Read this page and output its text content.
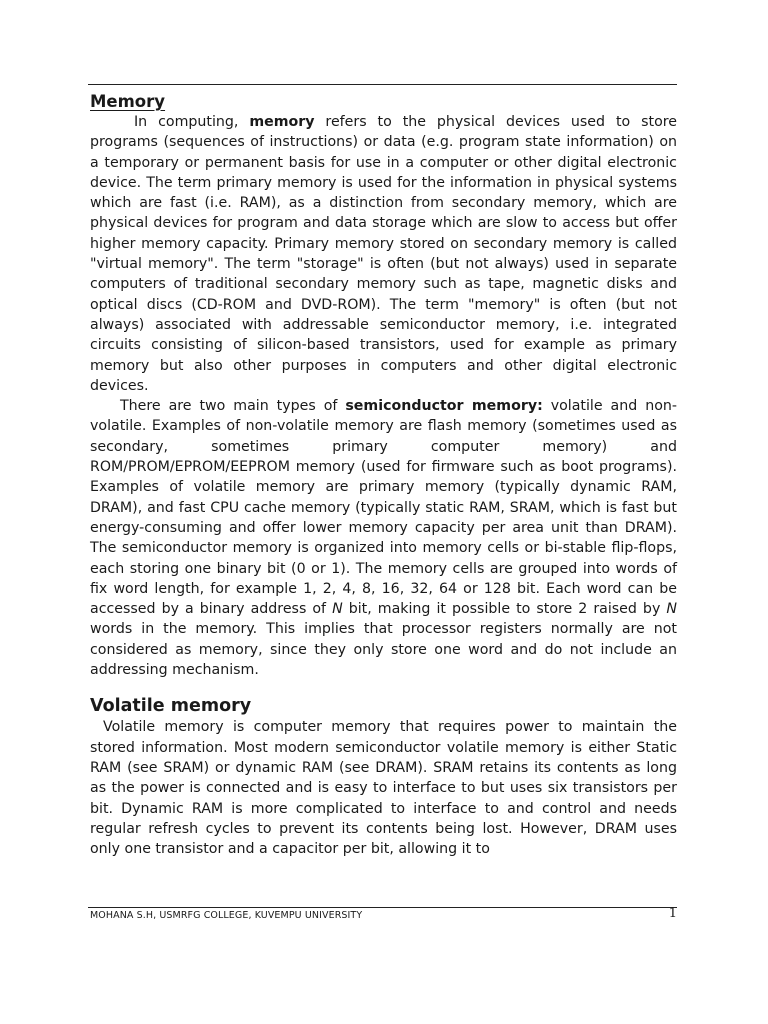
Memory

In computing, memory refers to the physical devices used to store programs (sequences of instructions) or data (e.g. program state information) on a temporary or permanent basis for use in a computer or other digital electronic device. The term primary memory is used for the information in physical systems which are fast (i.e. RAM), as a distinction from secondary memory, which are physical devices for program and data storage which are slow to access but offer higher memory capacity. Primary memory stored on secondary memory is called "virtual memory". The term "storage" is often (but not always) used in separate computers of traditional secondary memory such as tape, magnetic disks and optical discs (CD-ROM and DVD-ROM). The term "memory" is often (but not always) associated with addressable semiconductor memory, i.e. integrated circuits consisting of silicon-based transistors, used for example as primary memory but also other purposes in computers and other digital electronic devices.

There are two main types of semiconductor memory: volatile and non-volatile. Examples of non-volatile memory are flash memory (sometimes used as secondary, sometimes primary computer memory) and ROM/PROM/EPROM/EEPROM memory (used for firmware such as boot programs). Examples of volatile memory are primary memory (typically dynamic RAM, DRAM), and fast CPU cache memory (typically static RAM, SRAM, which is fast but energy-consuming and offer lower memory capacity per area unit than DRAM). The semiconductor memory is organized into memory cells or bi-stable flip-flops, each storing one binary bit (0 or 1). The memory cells are grouped into words of fix word length, for example 1, 2, 4, 8, 16, 32, 64 or 128 bit. Each word can be accessed by a binary address of N bit, making it possible to store 2 raised by N words in the memory. This implies that processor registers normally are not considered as memory, since they only store one word and do not include an addressing mechanism.

Volatile memory

Volatile memory is computer memory that requires power to maintain the stored information. Most modern semiconductor volatile memory is either Static RAM (see SRAM) or dynamic RAM (see DRAM). SRAM retains its contents as long as the power is connected and is easy to interface to but uses six transistors per bit. Dynamic RAM is more complicated to interface to and control and needs regular refresh cycles to prevent its contents being lost. However, DRAM uses only one transistor and a capacitor per bit, allowing it to

MOHANA S.H, USMRFG COLLEGE, KUVEMPU UNIVERSITY	1
